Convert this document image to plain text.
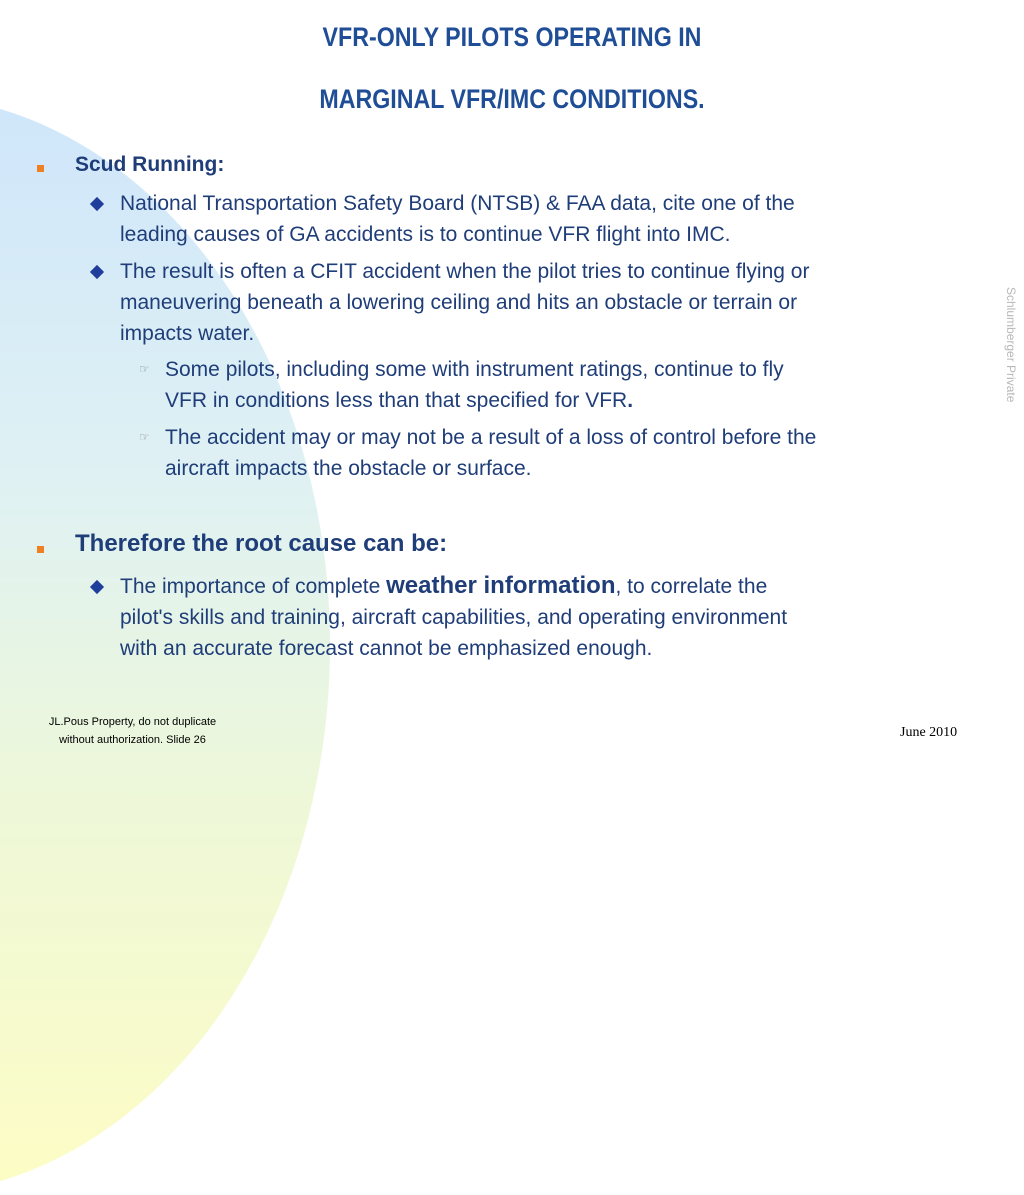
VFR-ONLY PILOTS OPERATING IN
MARGINAL VFR/IMC CONDITIONS.
Scud Running:
National Transportation Safety Board (NTSB) & FAA data, cite one of the
leading causes of GA accidents is to continue VFR flight into IMC.
The result is often a CFIT accident when the pilot tries to continue flying or
maneuvering beneath a lowering ceiling and hits an obstacle or terrain or
impacts water.
☞ Some pilots, including some with instrument ratings, continue to fly
VFR in conditions less than that specified for VFR.
☞ The accident may or may not be a result of a loss of control before the
aircraft impacts the obstacle or surface.
Therefore the root cause can be:
The importance of complete weather information, to correlate the
pilot's skills and training, aircraft capabilities, and operating environment
with an accurate forecast cannot be emphasized enough.
Schlumberger Private
JL.Pous Property, do not duplicate
without authorization. Slide 26	June 2010
